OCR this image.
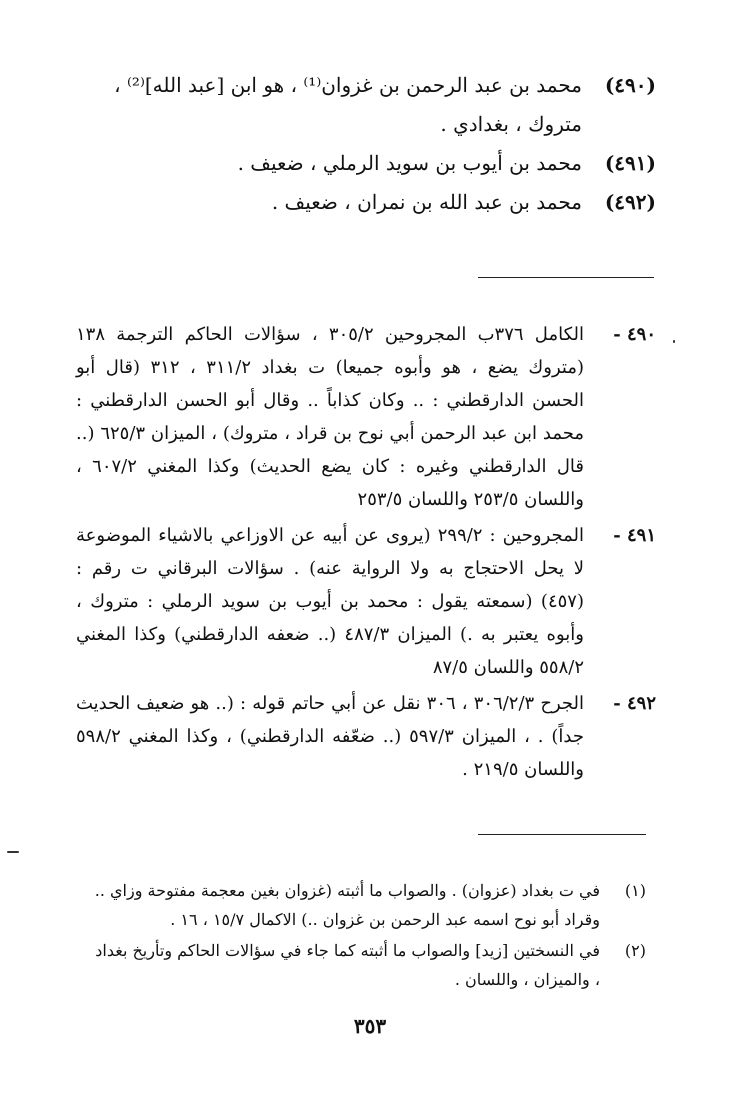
(٤٩٠)
محمد بن عبد الرحمن بن غزوان⁽¹⁾ ، هو ابن [عبد الله]⁽²⁾ ، متروك ، بغدادي .
(٤٩١)
محمد بن أيوب بن سويد الرملي ، ضعيف .
(٤٩٢)
محمد بن عبد الله بن نمران ، ضعيف .
٤٩٠ -
الكامل ٣٧٦ب المجروحين ٣٠٥/٢ ، سؤالات الحاكم الترجمة ١٣٨ (متروك يضع ، هو وأبوه جميعا) ت بغداد ٣١١/٢ ، ٣١٢ (قال أبو الحسن الدارقطني : .. وكان كذاباً .. وقال أبو الحسن الدارقطني : محمد ابن عبد الرحمن أبي نوح بن قراد ، متروك) ، الميزان ٦٢٥/٣ (.. قال الدارقطني وغيره : كان يضع الحديث) وكذا المغني ٦٠٧/٢ ، واللسان ٢٥٣/٥ واللسان ٢٥٣/٥
٤٩١ -
المجروحين : ٢٩٩/٢ (يروى عن أبيه عن الاوزاعي بالاشياء الموضوعة لا يحل الاحتجاج به ولا الرواية عنه) . سؤالات البرقاني ت رقم : (٤٥٧) (سمعته يقول : محمد بن أيوب بن سويد الرملي : متروك ، وأبوه يعتبر به .) الميزان ٤٨٧/٣ (.. ضعفه الدارقطني) وكذا المغني ٥٥٨/٢ واللسان ٨٧/٥
٤٩٢ -
الجرح ٣٠٦/٢/٣ ، ٣٠٦ نقل عن أبي حاتم قوله : (.. هو ضعيف الحديث جداً) . ، الميزان ٥٩٧/٣ (.. ضعّفه الدارقطني) ، وكذا المغني ٥٩٨/٢ واللسان ٢١٩/٥ .
(١)
في ت بغداد (عزوان) . والصواب ما أثبته (غزوان بغين معجمة مفتوحة وزاي .. وقراد أبو نوح اسمه عبد الرحمن بن غزوان ..) الاكمال ١٥/٧ ، ١٦ .
(٢)
في النسختين [زيد] والصواب ما أثبته كما جاء في سؤالات الحاكم وتأريخ بغداد ، والميزان ، واللسان .
٣٥٣
